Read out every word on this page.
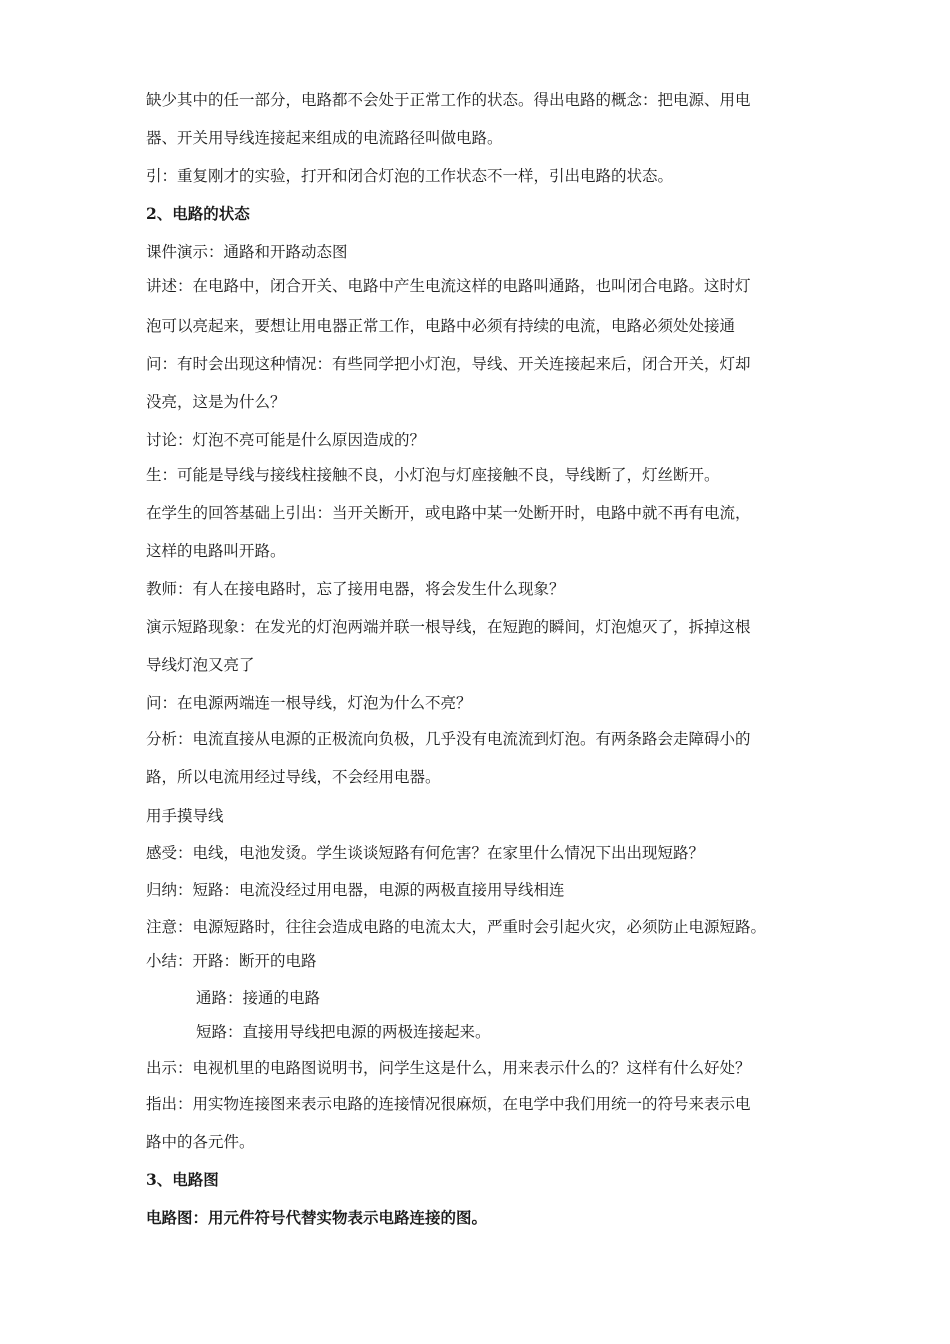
缺少其中的任一部分，电路都不会处于正常工作的状态。得出电路的概念：把电源、用电
器、开关用导线连接起来组成的电流路径叫做电路。
引：重复刚才的实验，打开和闭合灯泡的工作状态不一样，引出电路的状态。
2、电路的状态
课件演示：通路和开路动态图
讲述：在电路中，闭合开关、电路中产生电流这样的电路叫通路，也叫闭合电路。这时灯
泡可以亮起来，要想让用电器正常工作，电路中必须有持续的电流，电路必须处处接通
问：有时会出现这种情况：有些同学把小灯泡，导线、开关连接起来后，闭合开关，灯却
没亮，这是为什么？
讨论：灯泡不亮可能是什么原因造成的？
生：可能是导线与接线柱接触不良，小灯泡与灯座接触不良，导线断了，灯丝断开。
在学生的回答基础上引出：当开关断开，或电路中某一处断开时，电路中就不再有电流，
这样的电路叫开路。
教师：有人在接电路时，忘了接用电器，将会发生什么现象？
演示短路现象：在发光的灯泡两端并联一根导线，在短跑的瞬间，灯泡熄灭了，拆掉这根
导线灯泡又亮了
问：在电源两端连一根导线，灯泡为什么不亮？
分析：电流直接从电源的正极流向负极，几乎没有电流流到灯泡。有两条路会走障碍小的
路，所以电流用经过导线，不会经用电器。
用手摸导线
感受：电线，电池发烫。学生谈谈短路有何危害？在家里什么情况下出出现短路？
归纳：短路：电流没经过用电器，电源的两极直接用导线相连
注意：电源短路时，往往会造成电路的电流太大，严重时会引起火灾，必须防止电源短路。
小结：开路：断开的电路
通路：接通的电路
短路：直接用导线把电源的两极连接起来。
出示：电视机里的电路图说明书，问学生这是什么，用来表示什么的？这样有什么好处？
指出：用实物连接图来表示电路的连接情况很麻烦，在电学中我们用统一的符号来表示电
路中的各元件。
3、电路图
电路图：用元件符号代替实物表示电路连接的图。
